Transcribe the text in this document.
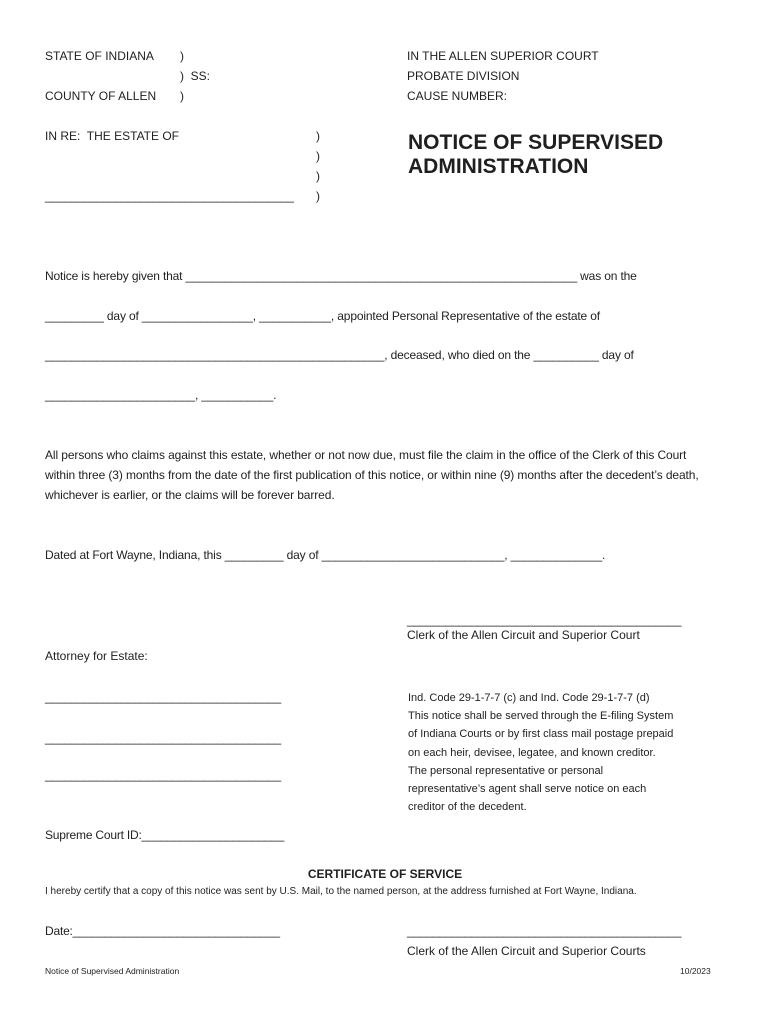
STATE OF INDIANA
COUNTY OF ALLEN
)
)  SS:
)
IN THE ALLEN SUPERIOR COURT
PROBATE DIVISION
CAUSE NUMBER:
IN RE:  THE ESTATE OF	)
)
)
)
_______________________________________
NOTICE OF SUPERVISED ADMINISTRATION
Notice is hereby given that ____________________________________________________________ was on the
_________ day of _________________, ___________, appointed Personal Representative of the estate of
____________________________________________________, deceased, who died on the __________ day of
_______________________, ___________.
All persons who claims against this estate, whether or not now due, must file the claim in the office of the Clerk of this Court within three (3) months from the date of the first publication of this notice, or within nine (9) months after the decedent’s death, whichever is earlier, or the claims will be forever barred.
Dated at Fort Wayne, Indiana, this _________ day of ____________________________, ______________.
___________________________________________
Clerk of the Allen Circuit and Superior Court
Attorney for Estate:
_____________________________________
_____________________________________
_____________________________________
Supreme Court ID:______________________
Ind. Code 29-1-7-7 (c) and Ind. Code 29-1-7-7 (d)
This notice shall be served through the E-filing System
of Indiana Courts or by first class mail postage prepaid
on each heir, devisee, legatee, and known creditor.
The personal representative or personal
representative’s agent shall serve notice on each
creditor of the decedent.
CERTIFICATE OF SERVICE
I hereby certify that a copy of this notice was sent by U.S. Mail, to the named person, at the address furnished at Fort Wayne, Indiana.
Date:________________________________	___________________________________________
Clerk of the Allen Circuit and Superior Courts
Notice of Supervised Administration	10/2023
